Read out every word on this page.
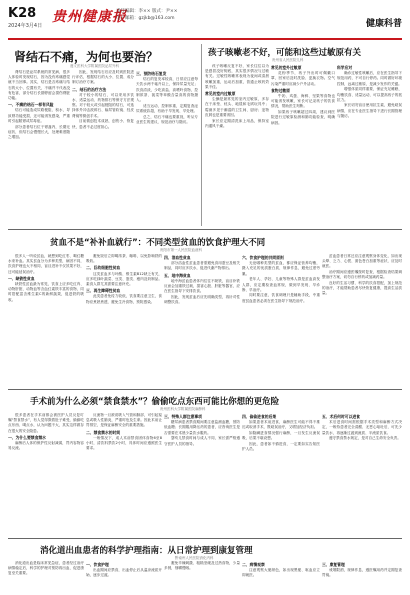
K28
2024年3月4日
贵州健康报
责任编辑：李×× 版式：尹××
电子邮箱：gzjkb@163.com
健康科普
肾结石不痛，为何也要治？
遵义医科大学附属医院泌尿外科

肾结石是泌尿系统的常见病，很多人体检时发现结石，因为没有疼痛感觉就不当回事。其实，结石是否疼痛与结石的大小、位置有关，不痛并不代表没有危害，部分结石长期停留会损伤肾脏功能。

一、不痛的结石一样有风险

结石可能造成尿路梗阻、积水，导致肾功能受损，还可能诱发感染，严重时引起脓肾或尿毒症。

部分患者结石位于肾盏内，长期无症状，但结石会慢慢长大，处理难度随之增加。

因此，发现结石后应及时到医院进行评估，根据结石的大小、位置、成分制订治疗方案。

二、结石的治疗方法

对于较小的结石，可以采用多饮水、适量运动、药物排石等保守方法观察。对于较大或引起梗阻的结石，可选择体外冲击波碎石、输尿管软镜、经皮肾镜等微创手术。

目前微创技术成熟，创伤小、恢复快，患者不必过度担心。

三、预防结石复发

结石的复发率较高，日常应注意每天饮水两千毫升以上，保持尿量充足；饮食清淡，少吃高盐、高嘌呤食物，控制浓茶、菠菜等草酸含量高的食物摄入。

适当运动，控制体重，定期复查泌尿系统彩超，有助于早发现、早处理。

总之，结石不痛也要重视，听从专业医生的建议，规范治疗与随访。

孩子咳嗽老不好，可能和这些过敏原有关
贵州省人民医院儿科

孩子咳嗽反复不好，家长往往以为是感冒没好彻底，其实很多情况与过敏有关。过敏性咳嗽常表现为夜间或清晨咳嗽加重，运动后加重，普通止咳药效果不佳。

常见的室内过敏原

尘螨是最常见的室内过敏原，多存在于床垫、枕头、地毯和毛绒玩具中；霉菌多见于潮湿的卫生间、厨房；宠物皮屑也是重要诱因。

家长应定期清洗床上用品，保持室内通风干燥。

常见的室外过敏原

花粉季节，孩子外出时可佩戴口罩，回家后及时洗脸、更换衣物。空气污染严重时应减少户外活动。

食物过敏原

牛奶、鸡蛋、海鲜、坚果等食物也可能诱发咳嗽，家长可记录孩子的饮食情况，帮助医生判断。

如果孩子咳嗽超过四周，建议到医院进行过敏原检测和肺功能检查，明确病因。

科学应对

确诊过敏性咳嗽后，应在医生指导下规范用药，不可自行停药。同时做好环境控制，远离过敏原，是减少发作的关键。

增强体质同样重要，保证充足睡眠、均衡饮食、适量运动，可以提高孩子的抵抗力。

家长切勿盲目使用抗生素，避免耽误病情，应在专业医生指导下进行长期管理与随访。

贫血不是“补补血就行”：不同类型贫血的饮食护理大不同
贵阳市第一人民医院血液科

很多人一听说贫血，就想到吃红枣、喝红糖水来补血。其实贫血分为多种类型，病因不同，饮食护理也大不相同，盲目进补不仅效果不好，还可能延误治疗。

一、缺铁性贫血

缺铁性贫血最为常见，饮食上应多吃红肉、动物肝脏、动物血等含血红素铁丰富的食物，同时搭配富含维生素C的新鲜蔬果，促进铁的吸收。

避免饭后立即喝浓茶、咖啡，以免影响铁的吸收。

二、巨幼细胞性贫血

这类贫血多与叶酸、维生素B12缺乏有关，应多吃绿叶蔬菜、豆类、蛋类、瘦肉及奶制品。素食人群尤其需要注意补充。

三、再生障碍性贫血

此类患者免疫力较低，饮食要注意卫生，食物应煮熟煮透，避免生冷食物，预防感染。

四、溶血性贫血

部分溶血性贫血患者需避免食用蚕豆及相关制品，同时应多饮水，促进代谢产物排出。

五、地中海贫血

地中海贫血患者体内往往不缺铁，盲目补铁反而会加重铁过载，损害心脏、肝脏等器官，应在医生指导下安排饮食。

因此，发现贫血后应先明确类型，再针对性调整饮食。

六、饮食护理的共同原则

无论哪种类型的贫血，都应保证营养均衡，摄入充足的优质蛋白质，规律作息，避免过度劳累。

老年人、孕妇、儿童等特殊人群是贫血高发人群，应定期检查血常规，做到早发现、早诊断、早治疗。

同时要注意，饮食调理只是辅助手段，中重度贫血患者必须在医生指导下规范治疗。

贫血患者日常还应注意观察身体变化，如出现头晕、乏力、心慌、面色苍白加重等症状，应及时就医。

治疗期间应遵医嘱按时复查，根据检查结果调整治疗方案，切勿自行停药或加减药量。

良好的生活习惯、科学的饮食搭配，加上规范的治疗，才能帮助患者尽快恢复健康，提高生活质量。

手术前为什么必须“禁食禁水”？偷偷吃点东西可能比你想的更危险
贵州医科大学附属医院麻醉科

很多患者在手术前都会被医护人员反复叮嘱“禁食禁水”，有人觉得饿着肚子难受，偷偷吃点东西、喝点水，认为问题不大，其实这样做存在很大的安全隐患。

一、为什么要禁食禁水

麻醉后人体的保护性反射减弱，胃内容物容易反流。

反流物一旦被误吸入气管和肺部，可引起窒息或吸入性肺炎，严重时危及生命。因此术前让胃排空，是保证麻醉安全的重要措施。

二、禁食禁水的时间

一般情况下，成人术前禁食固体食物6至8小时，清饮料禁饮2小时，具体时间应遵照医生要求。

三、特殊人群注意事项

糖尿病患者禁食期间要注意监测血糖，预防低血糖；长期服用降压药的患者，应咨询医生是否需要在术晨少量饮水服药。

婴幼儿禁食时间与成人不同，家长需严格遵守医护人员的指导。

四、偷偷进食的后果

如果患者术前进食，麻醉医生可能不得不推迟或取消手术，既耽误治疗，又增加经济负担。

如隐瞒进食情况强行麻醉，一旦发生反流误吸，后果不堪设想。

因此，患者如不慎进食，一定要如实告知医护人员。

五、术后何时可以进食

术后进食时间需根据手术类型和麻醉方式决定，一般待患者完全清醒、无恶心呕吐后，可先少量饮水，再逐渐过渡到流质、半流质饮食。

遵守禁食禁水规定，是对自己生命安全负责。

消化道出血患者的科学护理指南：从日常护理到康复管理
黔南州人民医院消化内科

消化道出血是临床常见急症，患者经过治疗病情稳定后，科学的护理对预防再出血、促进康复至关重要。

一、饮食护理

出血期间应禁食，出血停止后从温凉流质开始，逐步过渡。

避免辛辣刺激、粗糙坚硬及过热食物，少量多餐，细嚼慢咽。

二、病情观察

注意观察大便颜色，如出现黑便、呕血应立即就医。

三、康复管理

戒烟限酒，规律作息，遵医嘱用药并定期复查胃镜。
